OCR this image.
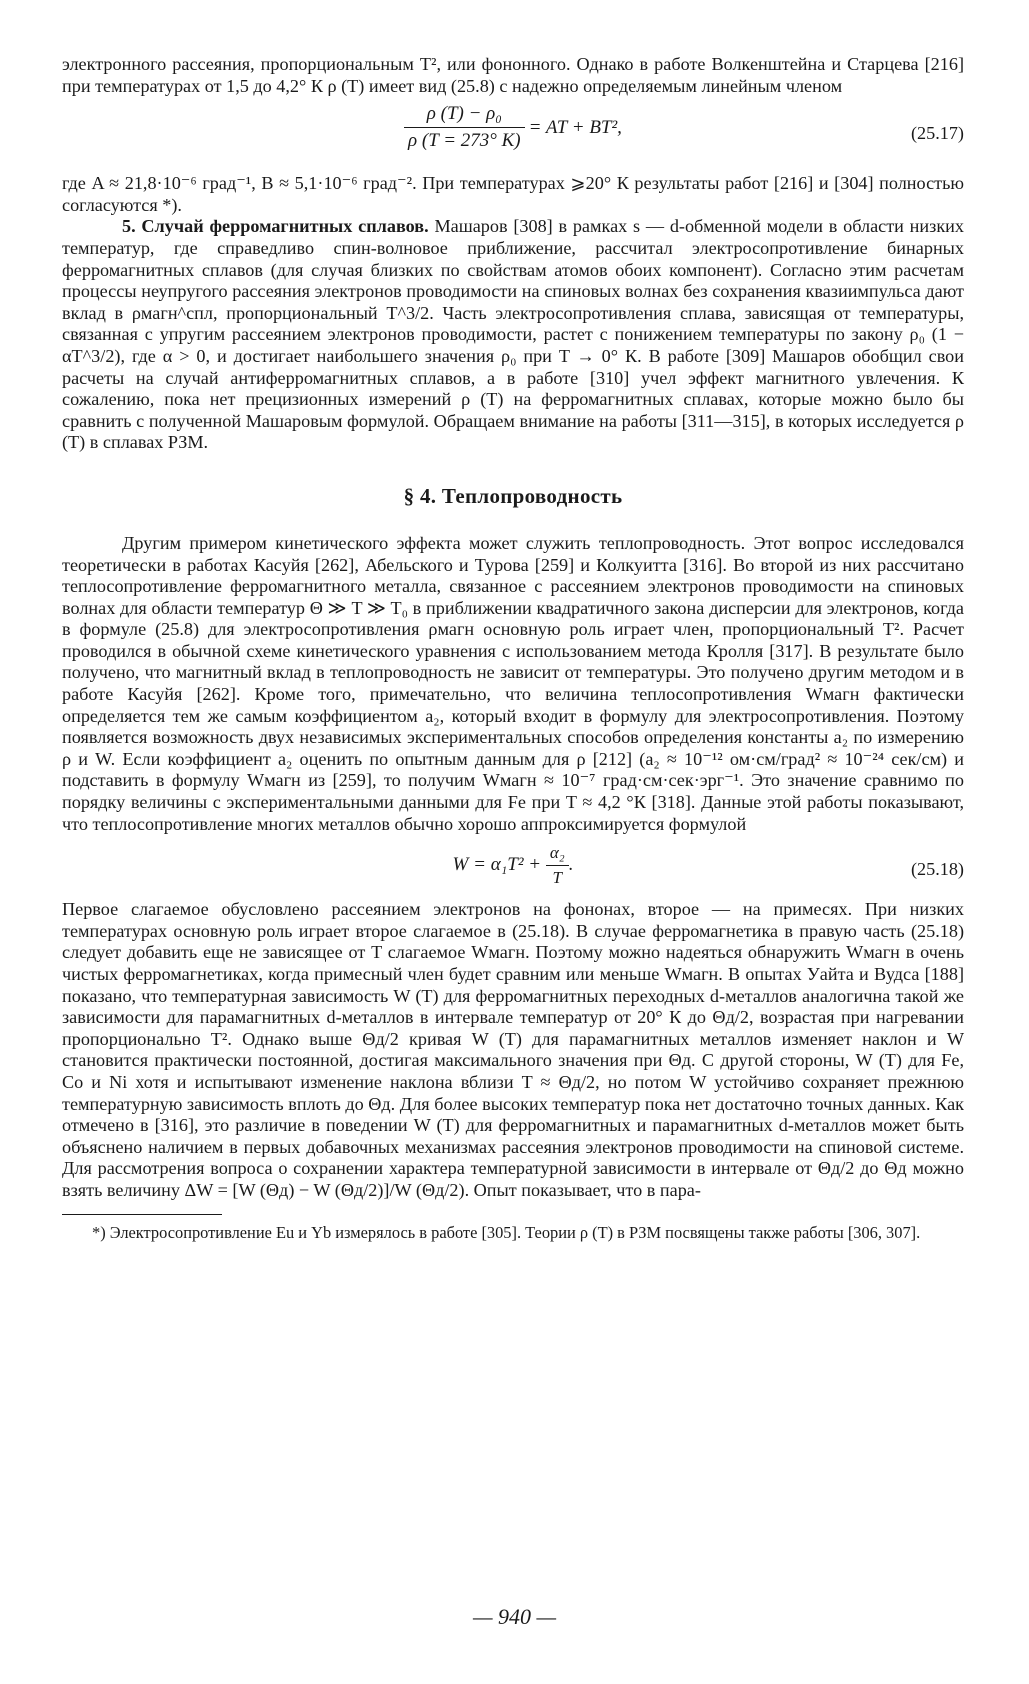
электронного рассеяния, пропорциональным T², или фононного. Однако в работе Волкенштейна и Старцева [216] при температурах от 1,5 до 4,2° К ρ (T) имеет вид (25.8) с надежно определяемым линейным членом

$\frac{\text{ρ (T) − ρ₀}}{\rho (T = 273^\circ K)}$ = AT + BT²,	(25.17)

где A ≈ 21,8·10⁻⁶ град⁻¹, B ≈ 5,1·10⁻⁶ град⁻². При температурах ⩾20° К результаты работ [216] и [304] полностью согласуются *).

5. Случай ферромагнитных сплавов. Машаров [308] в рамках s — d-обменной модели в области низких температур, где справедливо спин-волновое приближение, рассчитал электросопротивление бинарных ферромагнитных сплавов (для случая близких по свойствам атомов обоих компонент). Согласно этим расчетам процессы неупругого рассеяния электронов проводимости на спиновых волнах без сохранения квазиимпульса дают вклад в ρмагн^спл, пропорциональный T^3/2. Часть электросопротивления сплава, зависящая от температуры, связанная с упругим рассеянием электронов проводимости, растет с понижением температуры по закону ρ₀ (1 − αT^3/2), где α > 0, и достигает наибольшего значения ρ₀ при T → 0° К. В работе [309] Машаров обобщил свои расчеты на случай антиферромагнитных сплавов, а в работе [310] учел эффект магнитного увлечения. К сожалению, пока нет прецизионных измерений ρ (T) на ферромагнитных сплавах, которые можно было бы сравнить с полученной Машаровым формулой. Обращаем внимание на работы [311—315], в которых исследуется ρ (T) в сплавах РЗМ.

§ 4. Теплопроводность

Другим примером кинетического эффекта может служить теплопроводность. Этот вопрос исследовался теоретически в работах Касуйя [262], Абельского и Турова [259] и Колкуитта [316]. Во второй из них рассчитано теплосопротивление ферромагнитного металла, связанное с рассеянием электронов проводимости на спиновых волнах для области температур Θ ≫ T ≫ T₀ в приближении квадратичного закона дисперсии для электронов, когда в формуле (25.8) для электросопротивления ρмагн основную роль играет член, пропорциональный T². Расчет проводился в обычной схеме кинетического уравнения с использованием метода Кролля [317]. В результате было получено, что магнитный вклад в теплопроводность не зависит от температуры. Это получено другим методом и в работе Касуйя [262]. Кроме того, примечательно, что величина теплосопротивления Wмагн фактически определяется тем же самым коэффициентом a₂, который входит в формулу для электросопротивления. Поэтому появляется возможность двух независимых экспериментальных способов определения константы a₂ по измерению ρ и W. Если коэффициент a₂ оценить по опытным данным для ρ [212] (a₂ ≈ 10⁻¹² ом·см/град² ≈ 10⁻²⁴ сек/см) и подставить в формулу Wмагн из [259], то получим Wмагн ≈ 10⁻⁷ град·см·сек·эрг⁻¹. Это значение сравнимо по порядку величины с экспериментальными данными для Fe при T ≈ 4,2 °К [318]. Данные этой работы показывают, что теплосопротивление многих металлов обычно хорошо аппроксимируется формулой

$W = \alpha_1T^2 + \frac{\text{α₂}}{T}$ .	(25.18)

Первое слагаемое обусловлено рассеянием электронов на фононах, второе — на примесях. При низких температурах основную роль играет второе слагаемое в (25.18). В случае ферромагнетика в правую часть (25.18) следует добавить еще не зависящее от T слагаемое Wмагн. Поэтому можно надеяться обнаружить Wмагн в очень чистых ферромагнетиках, когда примесный член будет сравним или меньше Wмагн. В опытах Уайта и Вудса [188] показано, что температурная зависимость W (T) для ферромагнитных переходных d-металлов аналогична такой же зависимости для парамагнитных d-металлов в интервале температур от 20° К до Θд/2, возрастая при нагревании пропорционально T². Однако выше Θд/2 кривая W (T) для парамагнитных металлов изменяет наклон и W становится практически постоянной, достигая максимального значения при Θд. С другой стороны, W (T) для Fe, Co и Ni хотя и испытывают изменение наклона вблизи T ≈ Θд/2, но потом W устойчиво сохраняет прежнюю температурную зависимость вплоть до Θд. Для более высоких температур пока нет достаточно точных данных. Как отмечено в [316], это различие в поведении W (T) для ферромагнитных и парамагнитных d-металлов может быть объяснено наличием в первых добавочных механизмах рассеяния электронов проводимости на спиновой системе. Для рассмотрения вопроса о сохранении характера температурной зависимости в интервале от Θд/2 до Θд можно взять величину ΔW = [W (Θд) − W (Θд/2)]/W (Θд/2). Опыт показывает, что в пара-

*) Электросопротивление Eu и Yb измерялось в работе [305]. Теории ρ (T) в РЗМ посвящены также работы [306, 307].

— 940 —
